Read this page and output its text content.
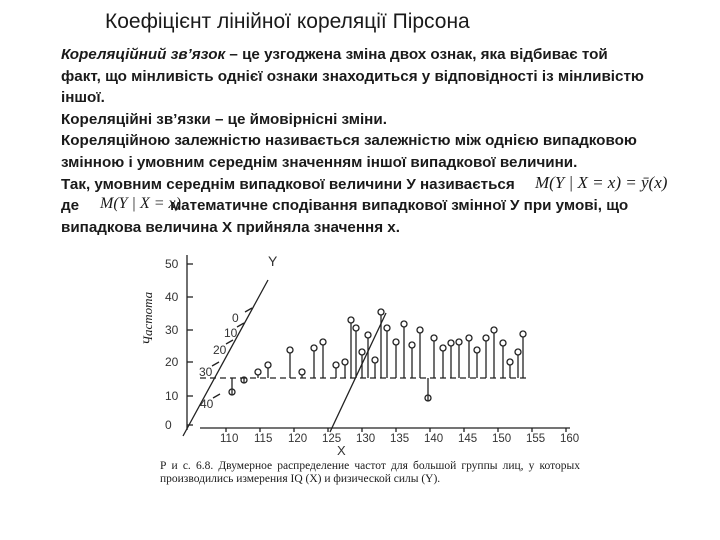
Коефіцієнт лінійної кореляції Пірсона
Кореляційний зв’язок – це узгоджена зміна двох ознак, яка відбиває той
факт, що мінливість однієї ознаки знаходиться у відповідності із мінливістю
іншої.
Кореляційні зв’язки – це ймовірнісні зміни.
Кореляційною залежністю називається залежністю між однією випадковою
змінною і умовним середнім значенням іншої випадкової величини.
Так, умовним середнім випадкової величини У називається
де	математичне сподівання випадкової змінної У при умові, що
випадкова величина Х прийняла значення х.
M(Y | X = x) = ȳ(x)
M(Y | X = x)
Частота
50
40
30
20
10
0
110 115 120 125 130 135 140 145 150 155 160
X
Y
0
10
20
30
40
Р и с. 6.8. Двумерное распределение частот для большой группы лиц, у которых производились измерения IQ (X) и физической силы (Y).
